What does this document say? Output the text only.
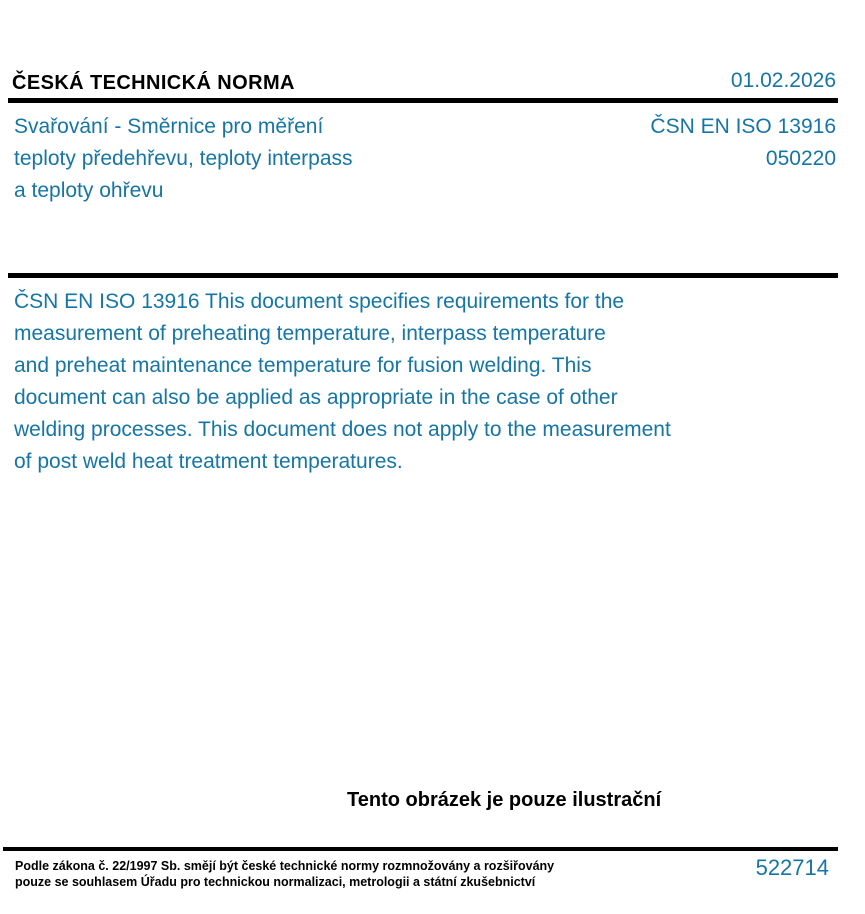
ČESKÁ TECHNICKÁ NORMA	01.02.2026
Svařování - Směrnice pro měření
teploty předehřevu, teploty interpass
a teploty ohřevu
ČSN EN ISO 13916
050220
ČSN EN ISO 13916 This document specifies requirements for the
measurement of preheating temperature, interpass temperature
and preheat maintenance temperature for fusion welding. This
document can also be applied as appropriate in the case of other
welding processes. This document does not apply to the measurement
of post weld heat treatment temperatures.
Tento obrázek je pouze ilustrační
Podle zákona č. 22/1997 Sb. smějí být české technické normy rozmnožovány a rozšiřovány
pouze se souhlasem Úřadu pro technickou normalizaci, metrologii a státní zkušebnictví
522714
